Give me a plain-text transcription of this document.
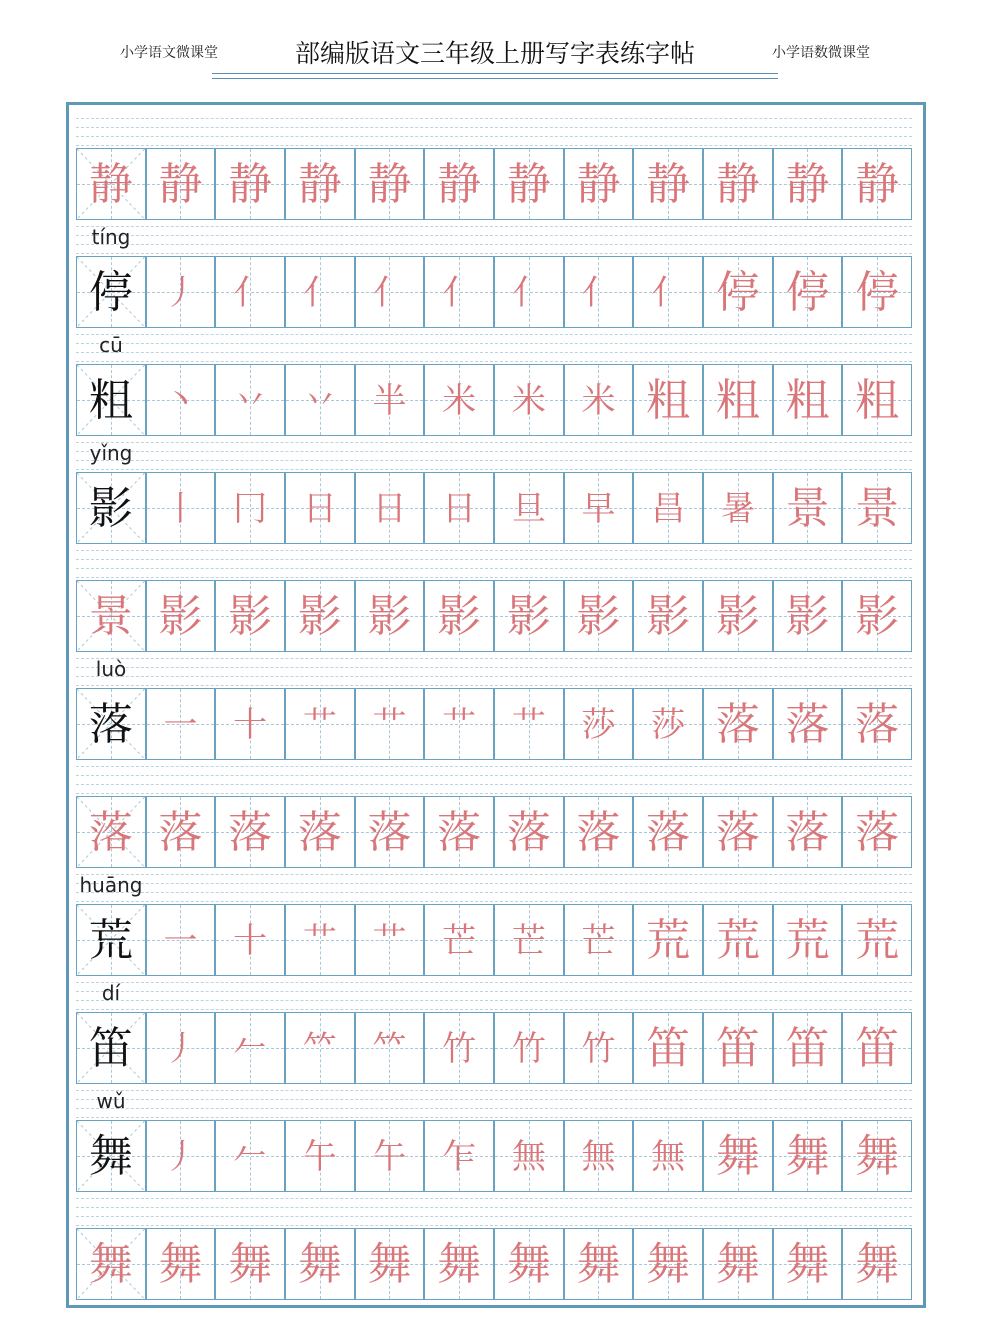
小学语文微课堂	部编版语文三年级上册写字表练字帖	小学语数微课堂
静 静 静 静 静 静 静 静 静 静 静 静
tíng
停 丿	亻	亻	亻	亻	亻	亻	亻 停 停 停
cū
粗 丶	丷	丷	半	米	米	米 粗 粗 粗 粗
yǐng
影 丨	冂	日	日	日	旦	早	昌	暑 景 景
景 影 影 影 影 影 影 影 影 影 影 影
luò
落 一	十	艹	艹	艹	艹	莎	莎 落 落 落
落 落 落 落 落 落 落 落 落 落 落 落
huāng
荒 一	十	艹	艹	芒	芒	芒 荒 荒 荒 荒
dí
笛 丿	𠂉	𥫗	𥫗	竹	竹	竹 笛 笛 笛 笛
wǔ
舞 丿	𠂉	午	午	乍	無	無	無 舞 舞 舞
舞 舞 舞 舞 舞 舞 舞 舞 舞 舞 舞 舞
